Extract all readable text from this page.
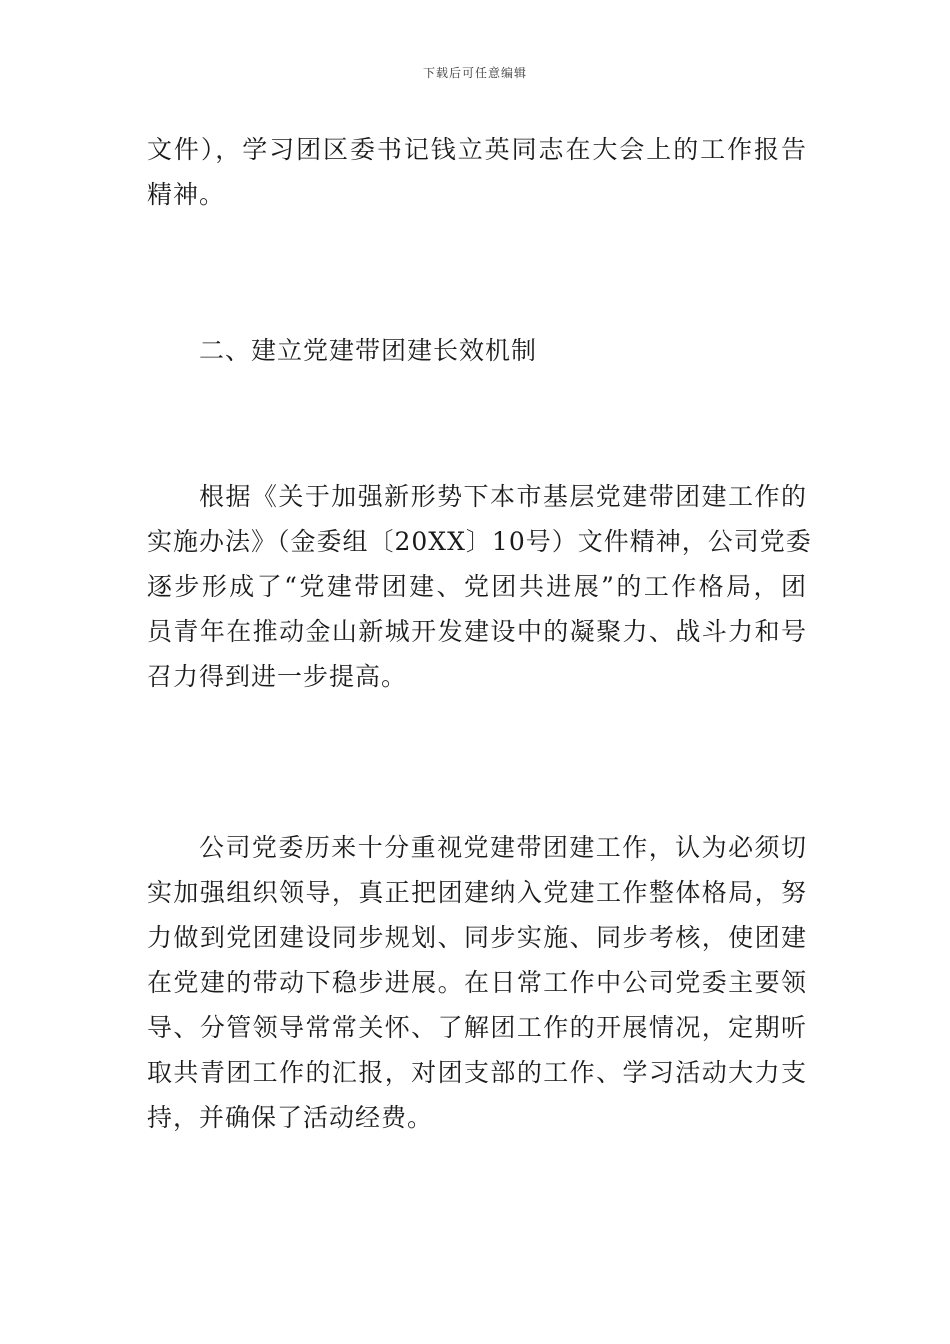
下载后可任意编辑
文件），学习团区委书记钱立英同志在大会上的工作报告
精神。
二、建立党建带团建长效机制
根据《关于加强新形势下本市基层党建带团建工作的
实施办法》（金委组〔20XX〕10号）文件精神，公司党委
逐步形成了“党建带团建、党团共进展”的工作格局，团
员青年在推动金山新城开发建设中的凝聚力、战斗力和号
召力得到进一步提高。
公司党委历来十分重视党建带团建工作，认为必须切
实加强组织领导，真正把团建纳入党建工作整体格局，努
力做到党团建设同步规划、同步实施、同步考核，使团建
在党建的带动下稳步进展。在日常工作中公司党委主要领
导、分管领导常常关怀、了解团工作的开展情况，定期听
取共青团工作的汇报，对团支部的工作、学习活动大力支
持，并确保了活动经费。
